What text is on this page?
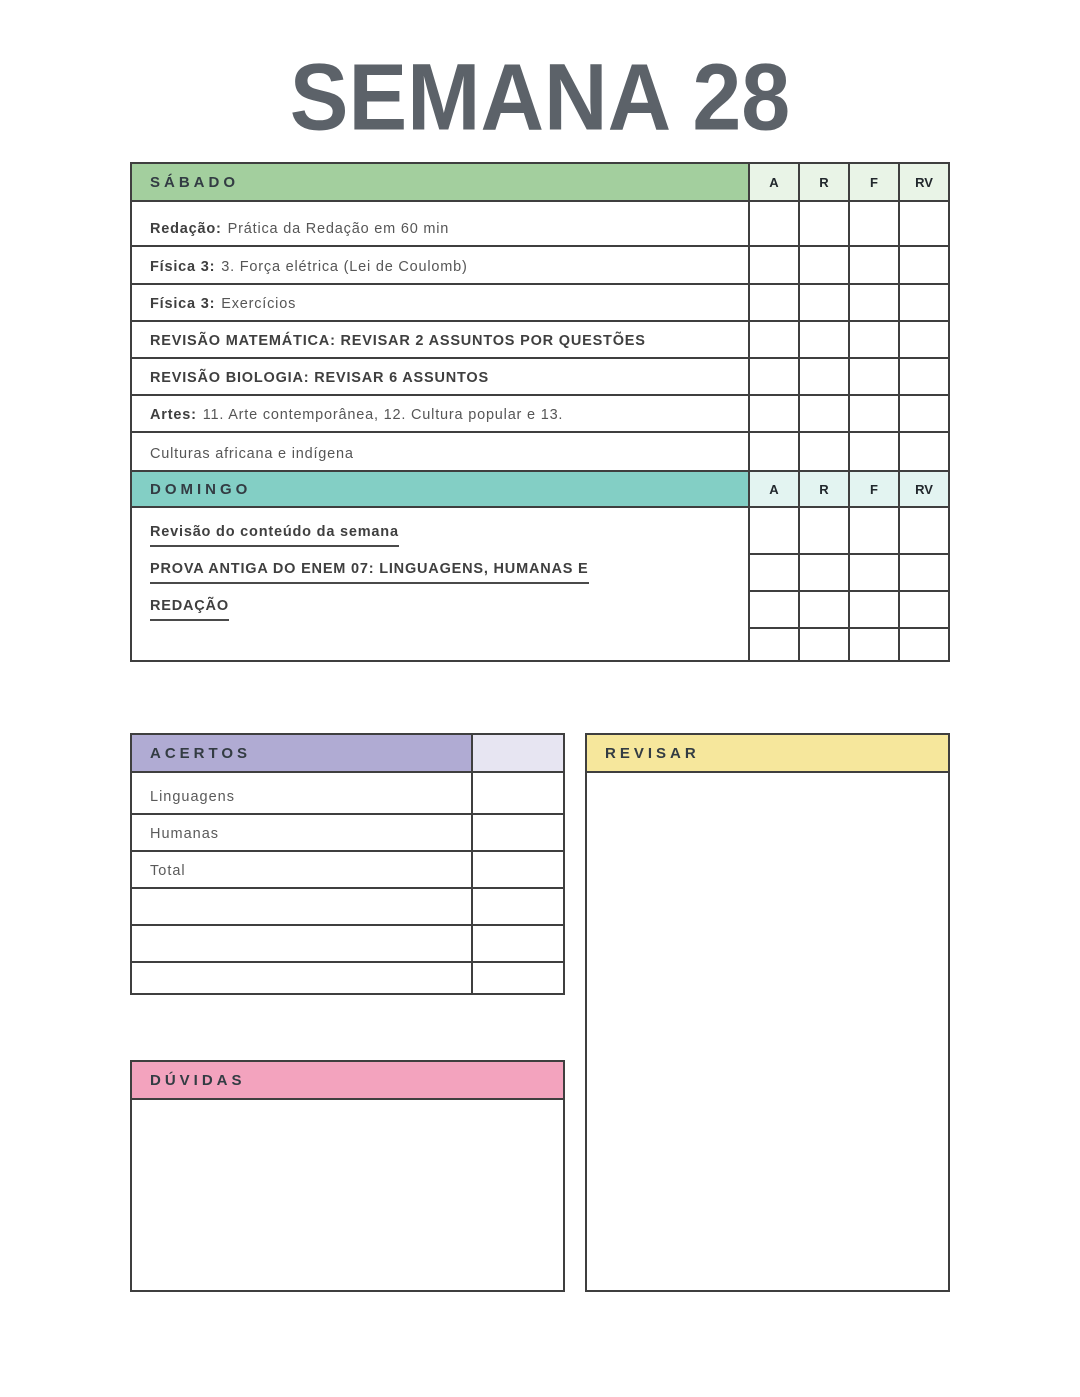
SEMANA 28
SÁBADO	A	R	F	RV
Redação: Prática da Redação em 60 min
Física 3: 3. Força elétrica (Lei de Coulomb)
Física 3: Exercícios
REVISÃO MATEMÁTICA: REVISAR 2 ASSUNTOS POR QUESTÕES
REVISÃO BIOLOGIA: REVISAR 6 ASSUNTOS
Artes: 11. Arte contemporânea, 12. Cultura popular e 13.
Culturas africana e indígena
DOMINGO	A	R	F	RV
Revisão do conteúdo da semana
PROVA ANTIGA DO ENEM 07: LINGUAGENS, HUMANAS E
REDAÇÃO
ACERTOS
Linguagens
Humanas
Total
REVISAR
DÚVIDAS
